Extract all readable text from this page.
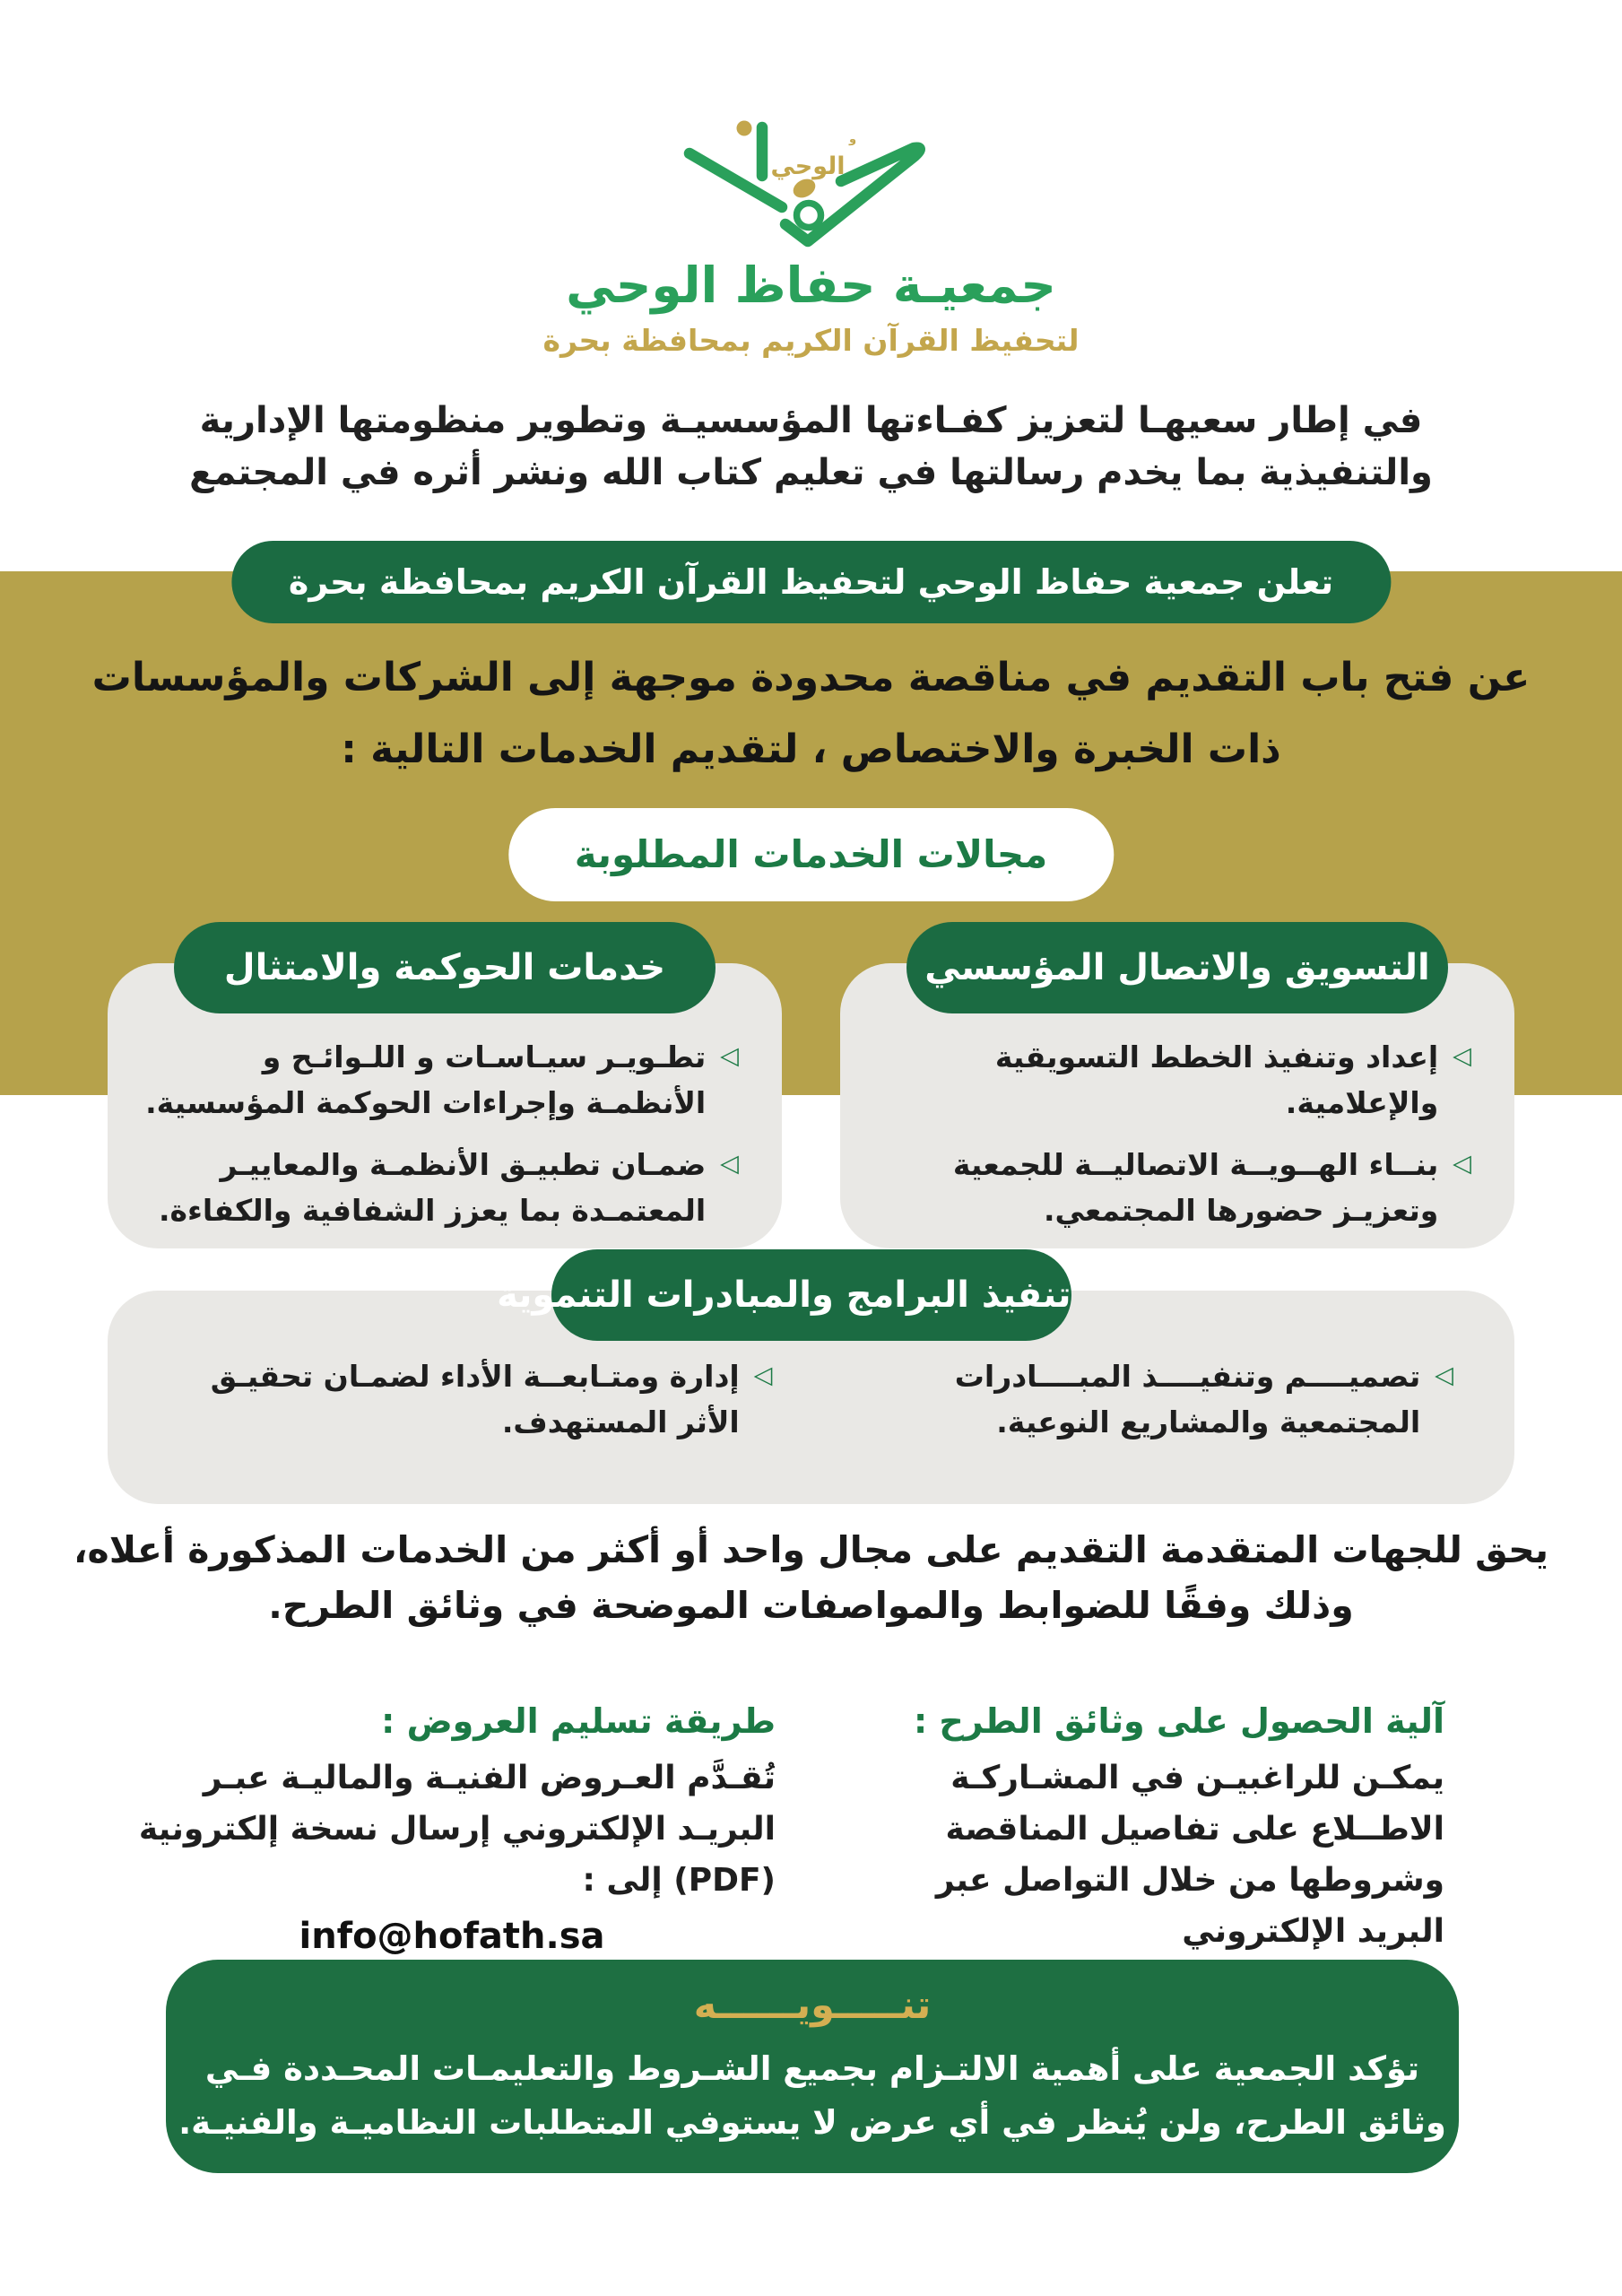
الوحي
و
جمعيـة حفاظ الوحي
لتحفيظ القرآن الكريم بمحافظة بحرة
في إطار سعيهـا لتعزيز كفـاءتها المؤسسيـة وتطوير منظومتها الإدارية
والتنفيذية بما يخدم رسالتها في تعليم كتاب الله ونشر أثره في المجتمع
تعلن جمعية حفاظ الوحي لتحفيظ القرآن الكريم بمحافظة بحرة
عن فتح باب التقديم في مناقصة محدودة موجهة إلى الشركات والمؤسسات
ذات الخبرة والاختصاص ، لتقديم الخدمات التالية :
مجالات الخدمات المطلوبة
التسويق والاتصال المؤسسي
◁
إعداد وتنفيذ الخطط التسويقية والإعلامية.
◁
بنــاء الهــويــة الاتصاليــة للجمعية وتعزيـز حضورها المجتمعي.
خدمات الحوكمة والامتثال
◁
تطـويـر سيـاسـات و اللـوائـح و الأنظمـة وإجراءات الحوكمة المؤسسية.
◁
ضمـان تطبيـق الأنظمـة والمعاييـر المعتمـدة بما يعزز الشفافية والكفاءة.
تنفيذ البرامج والمبادرات التنموية
◁
تصميــــم وتنفيــــذ المبــــادرات المجتمعية والمشاريع النوعية.
◁
إدارة ومتـابعــة الأداء لضمـان تحقيـق الأثر المستهدف.
يحق للجهات المتقدمة التقديم على مجال واحد أو أكثر من الخدمات المذكورة أعلاه،
وذلك وفقًا للضوابط والمواصفات الموضحة في وثائق الطرح.
آلية الحصول على وثائق الطرح :
يمكـن للراغبيـن في المشـاركـة الاطــلاع على تفاصيل المناقصة وشروطها من خلال التواصل عبر البريد الإلكتروني
طريقة تسليم العروض :
تُقـدَّم العـروض الفنيـة والماليـة عبـر البريـد الإلكتروني إرسال نسخة إلكترونية (PDF) إلى :
info@hofath.sa
تنـــــويــــــه
تؤكد الجمعية على أهمية الالتـزام بجميع الشـروط والتعليمـات المحـددة فـي
وثائق الطرح، ولن يُنظر في أي عرض لا يستوفي المتطلبات النظاميـة والفنيـة.
